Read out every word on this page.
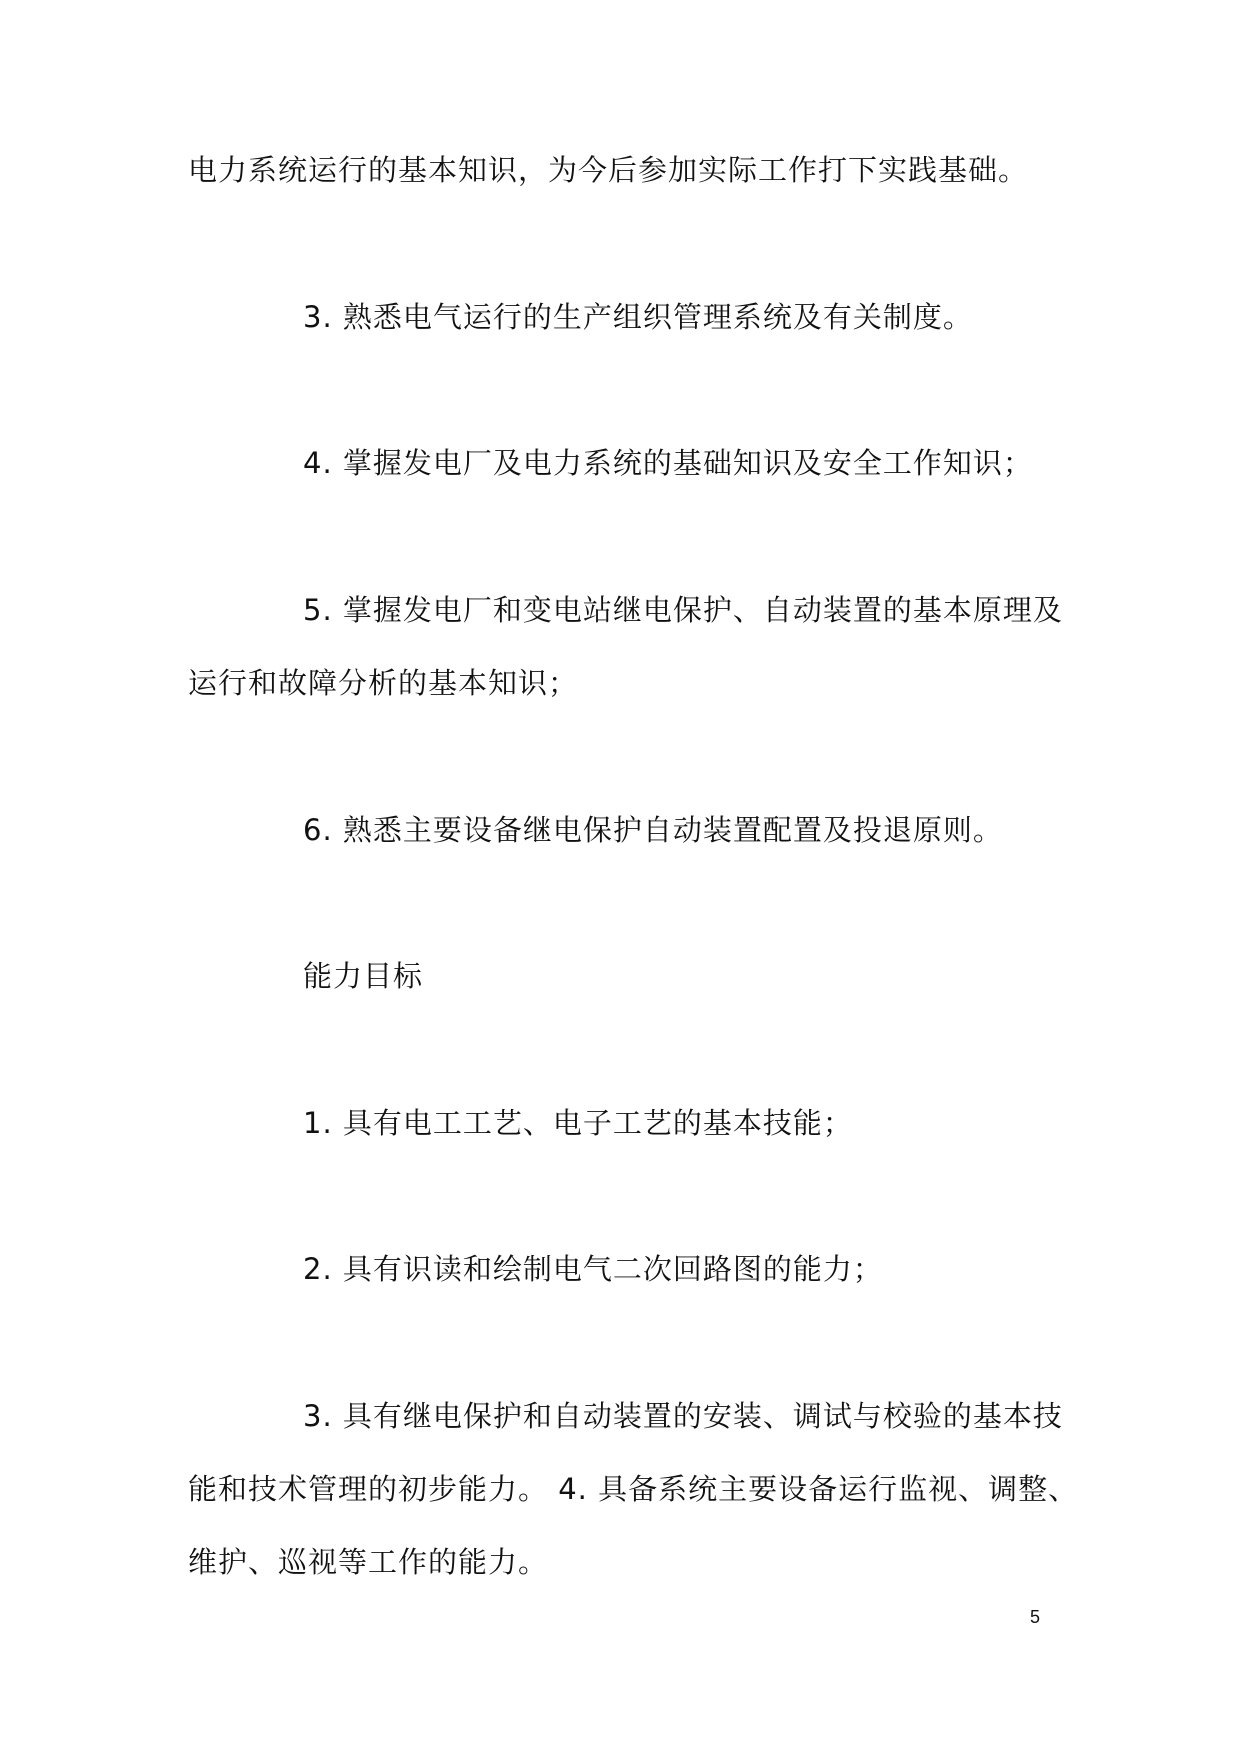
电力系统运行的基本知识，为今后参加实际工作打下实践基础。

3. 熟悉电气运行的生产组织管理系统及有关制度。

4. 掌握发电厂及电力系统的基础知识及安全工作知识；

5. 掌握发电厂和变电站继电保护、自动装置的基本原理及

运行和故障分析的基本知识；

6. 熟悉主要设备继电保护自动装置配置及投退原则。

能力目标

1. 具有电工工艺、电子工艺的基本技能；

2. 具有识读和绘制电气二次回路图的能力；

3. 具有继电保护和自动装置的安装、调试与校验的基本技

能和技术管理的初步能力。 4. 具备系统主要设备运行监视、调整、

维护、巡视等工作的能力。

5
